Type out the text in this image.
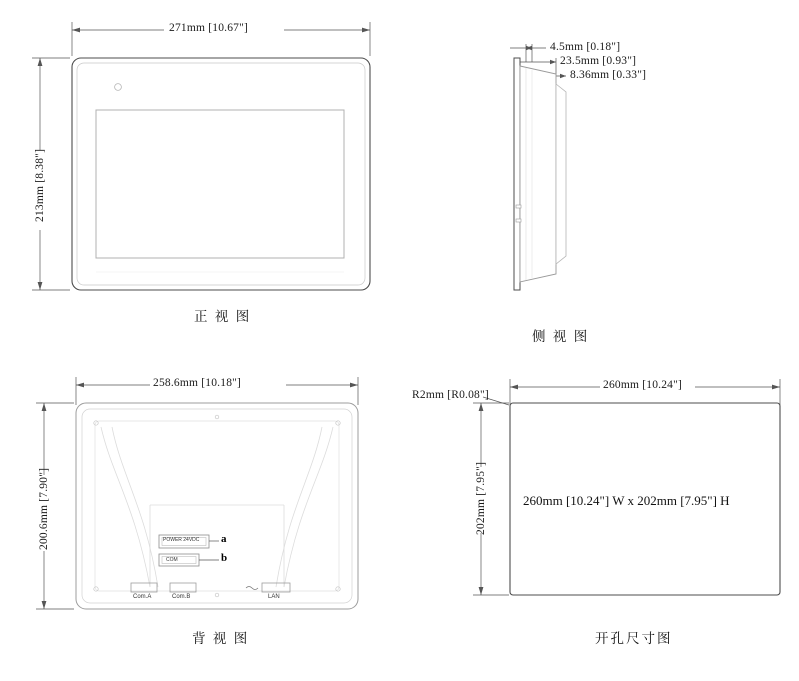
271mm [10.67"]
213mm [8.38"]
正 视 图
4.5mm [0.18"]
23.5mm [0.93"]
8.36mm [0.33"]
侧 视 图
258.6mm [10.18"]
200.6mm [7.90"]	a
b
POWER 24VDC
COM
Com.A	Com.B	LAN
背 视 图
260mm [10.24"]
202mm [7.95"]
R2mm [R0.08"]
260mm [10.24"] W x 202mm [7.95"] H
开孔尺寸图
